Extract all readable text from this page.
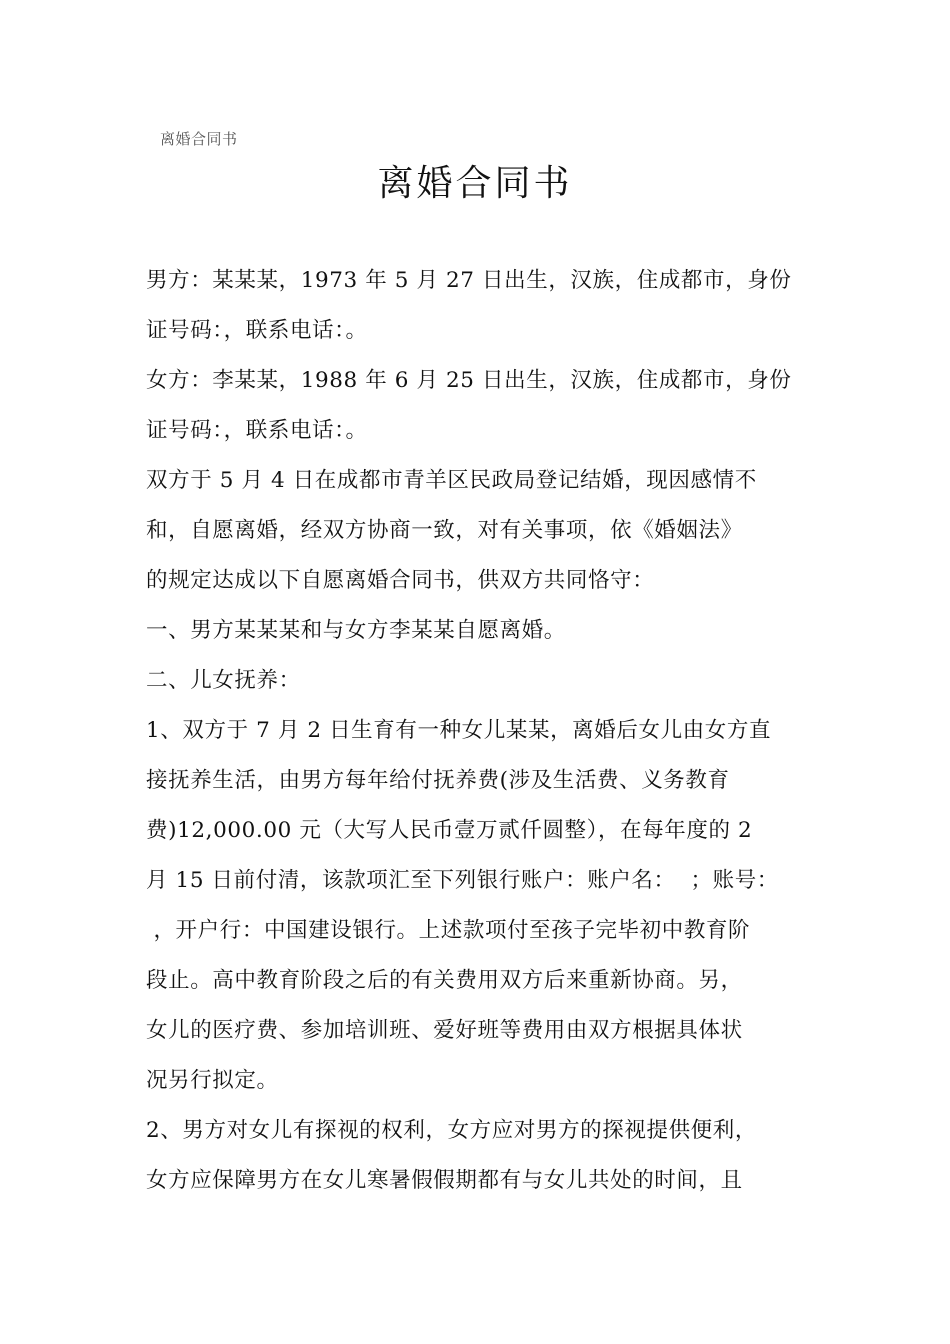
离婚合同书
离婚合同书

男方：某某某，1973 年 5 月 27 日出生，汉族，住成都市，身份

证号码：，联系电话：。

女方：李某某，1988 年 6 月 25 日出生，汉族，住成都市，身份

证号码：，联系电话：。

双方于 5 月 4 日在成都市青羊区民政局登记结婚，现因感情不

和，自愿离婚，经双方协商一致，对有关事项，依《婚姻法》

的规定达成以下自愿离婚合同书，供双方共同恪守：

一、男方某某某和与女方李某某自愿离婚。

二、儿女抚养：

1、双方于 7 月 2 日生育有一种女儿某某，离婚后女儿由女方直

接抚养生活，由男方每年给付抚养费(涉及生活费、义务教育

费)12,000.00 元（大写人民币壹万贰仟圆整），在每年度的 2

月 15 日前付清，该款项汇至下列银行账户：账户名：  ；账号：

，开户行：中国建设银行。上述款项付至孩子完毕初中教育阶

段止。高中教育阶段之后的有关费用双方后来重新协商。另，

女儿的医疗费、参加培训班、爱好班等费用由双方根据具体状

况另行拟定。

2、男方对女儿有探视的权利，女方应对男方的探视提供便利，

女方应保障男方在女儿寒暑假假期都有与女儿共处的时间，且
